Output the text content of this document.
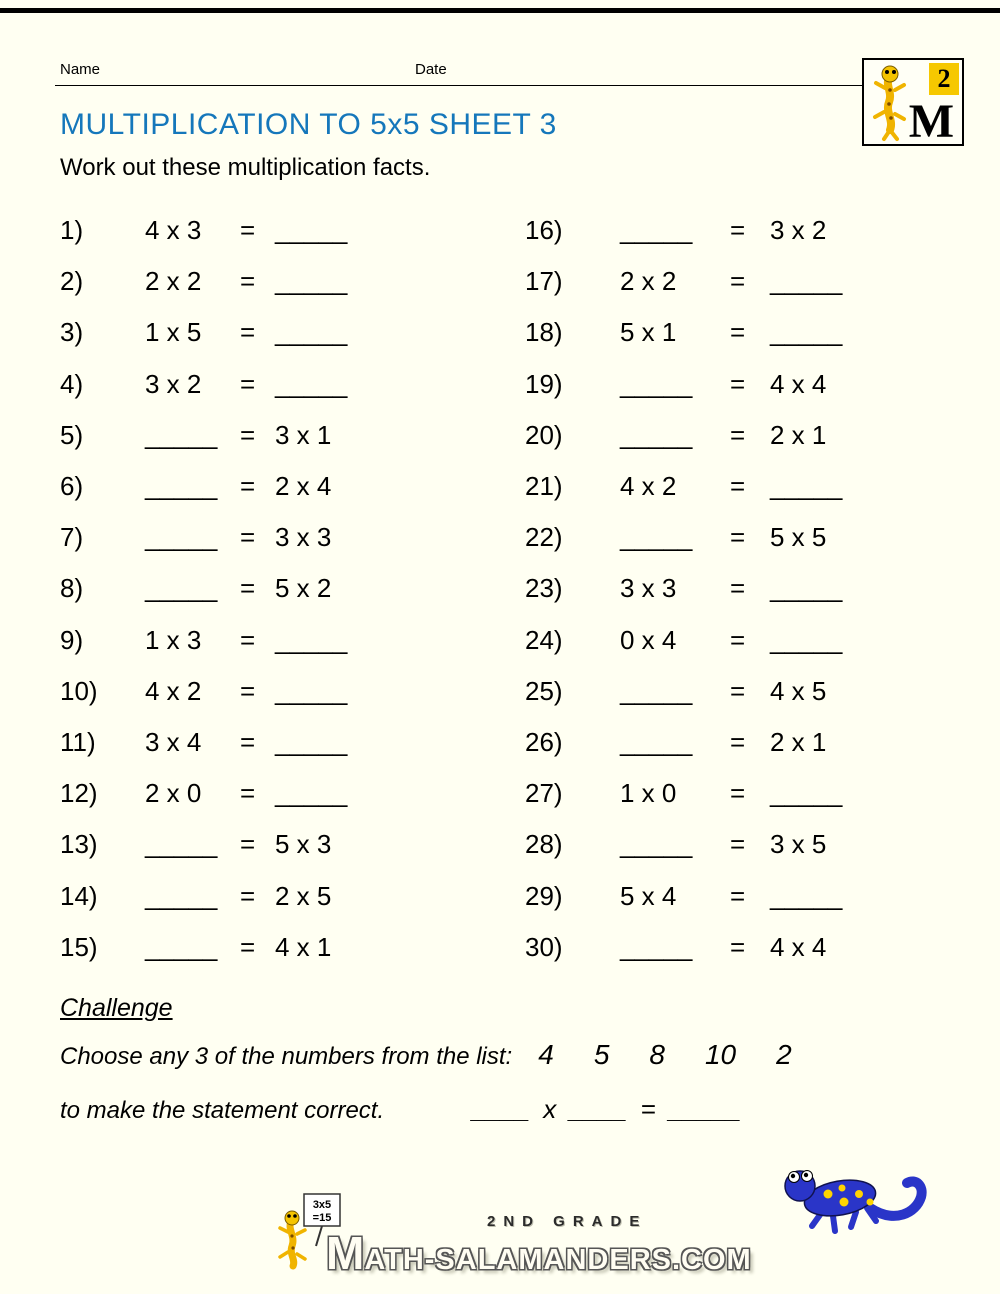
Name	Date	2
M
MULTIPLICATION TO 5x5 SHEET 3
Work out these multiplication facts.
1)	4 x 3	= _____
2)	2 x 2	= _____
3)	1 x 5	= _____
4)	3 x 2	= _____
5)	_____ = 3 x 1
6)	_____ = 2 x 4
7)	_____ = 3 x 3
8)	_____ = 5 x 2
9)	1 x 3	= _____
10)	4 x 2	= _____
11)	3 x 4	= _____
12)	2 x 0	= _____
13)	_____ = 5 x 3
14)	_____ = 2 x 5
15)	_____ = 4 x 1
16)	_____	= 3 x 2
17)	2 x 2	= _____
18)	5 x 1	= _____
19)	_____	= 4 x 4
20)	_____	= 2 x 1
21)	4 x 2	= _____
22)	_____	= 5 x 5
23)	3 x 3	= _____
24)	0 x 4	= _____
25)	_____	= 4 x 5
26)	_____	= 2 x 1
27)	1 x 0	= _____
28)	_____	= 3 x 5
29)	5 x 4	= _____
30)	_____	= 4 x 4
Challenge
Choose any 3 of the numbers from the list: 4 5 8 10 2
to make the statement correct.	____ x ____ = _____
3x5
=15	2ND GRADE
MATH-SALAMANDERS.COM
